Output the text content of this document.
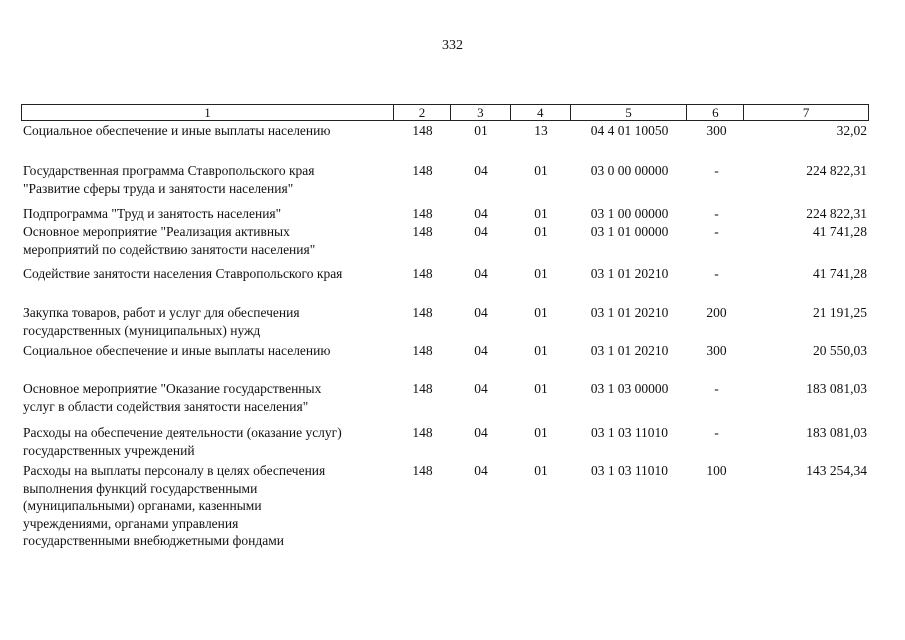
332
1	2	3	4	5	6	7
Социальное обеспечение и иные выплаты населению	148	01	13	04 4 01 10050	300	32,02
Государственная программа Ставропольского края
"Развитие сферы труда и занятости населения"
148	04	01	03 0 00 00000	-	224 822,31
Подпрограмма "Труд и занятость населения"	148	04	01	03 1 00 00000	-	224 822,31
Основное мероприятие "Реализация активных
мероприятий по содействию занятости населения"
148	04	01	03 1 01 00000	-	41 741,28
Содействие занятости населения Ставропольского края	148	04	01	03 1 01 20210	-	41 741,28
Закупка товаров, работ и услуг для обеспечения
государственных (муниципальных) нужд
148	04	01	03 1 01 20210	200	21 191,25
Социальное обеспечение и иные выплаты населению	148	04	01	03 1 01 20210	300	20 550,03
Основное мероприятие "Оказание государственных
услуг в области содействия занятости населения"
148	04	01	03 1 03 00000	-	183 081,03
Расходы на обеспечение деятельности (оказание услуг)
государственных учреждений
148	04	01	03 1 03 11010	-	183 081,03
Расходы на выплаты персоналу в целях обеспечения
выполнения функций государственными
(муниципальными) органами, казенными
учреждениями, органами управления
государственными внебюджетными фондами
148	04	01	03 1 03 11010	100	143 254,34
